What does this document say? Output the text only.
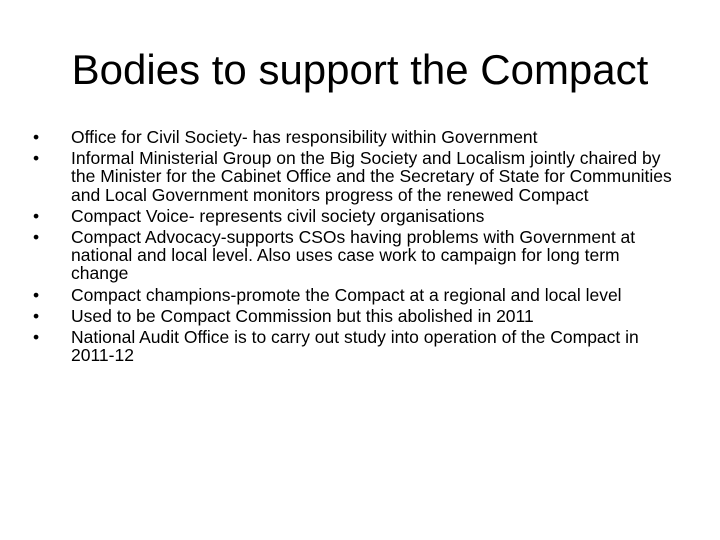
Bodies to support the Compact
•	Office for Civil Society- has responsibility within Government
•	Informal Ministerial Group on the Big Society and Localism jointly chaired by the Minister for the Cabinet Office and the Secretary of State for Communities and Local Government monitors progress of the renewed Compact
•	Compact Voice- represents civil society organisations
•	Compact Advocacy-supports CSOs having problems with Government at national and local level. Also uses case work to campaign for long term change
•	Compact champions-promote the Compact at a regional and local level
•	Used to be Compact Commission but this abolished in 2011
•	National Audit Office is to carry out study into operation of the Compact in 2011-12
